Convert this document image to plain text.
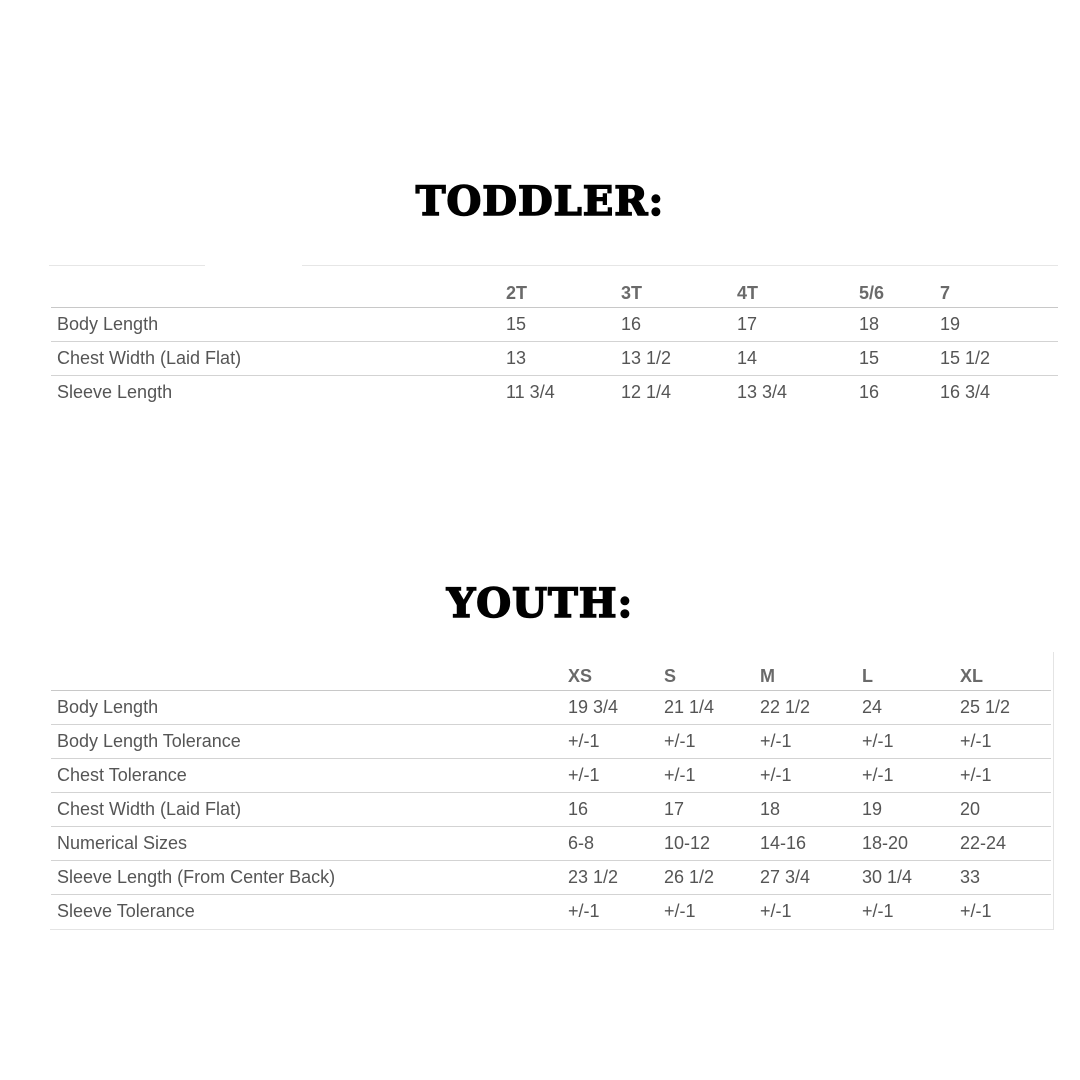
TODDLER:
	2T	3T	4T	5/6	7
Body Length	15	16	17	18	19
Chest Width (Laid Flat)	13	13 1/2	14	15	15 1/2
Sleeve Length	11 3/4	12 1/4	13 3/4	16	16 3/4
YOUTH:
	XS	S	M	L	XL
Body Length	19 3/4	21 1/4	22 1/2	24	25 1/2
Body Length Tolerance	+/-1	+/-1	+/-1	+/-1	+/-1
Chest Tolerance	+/-1	+/-1	+/-1	+/-1	+/-1
Chest Width (Laid Flat)	16	17	18	19	20
Numerical Sizes	6-8	10-12	14-16	18-20	22-24
Sleeve Length (From Center Back)	23 1/2	26 1/2	27 3/4	30 1/4	33
Sleeve Tolerance	+/-1	+/-1	+/-1	+/-1	+/-1
